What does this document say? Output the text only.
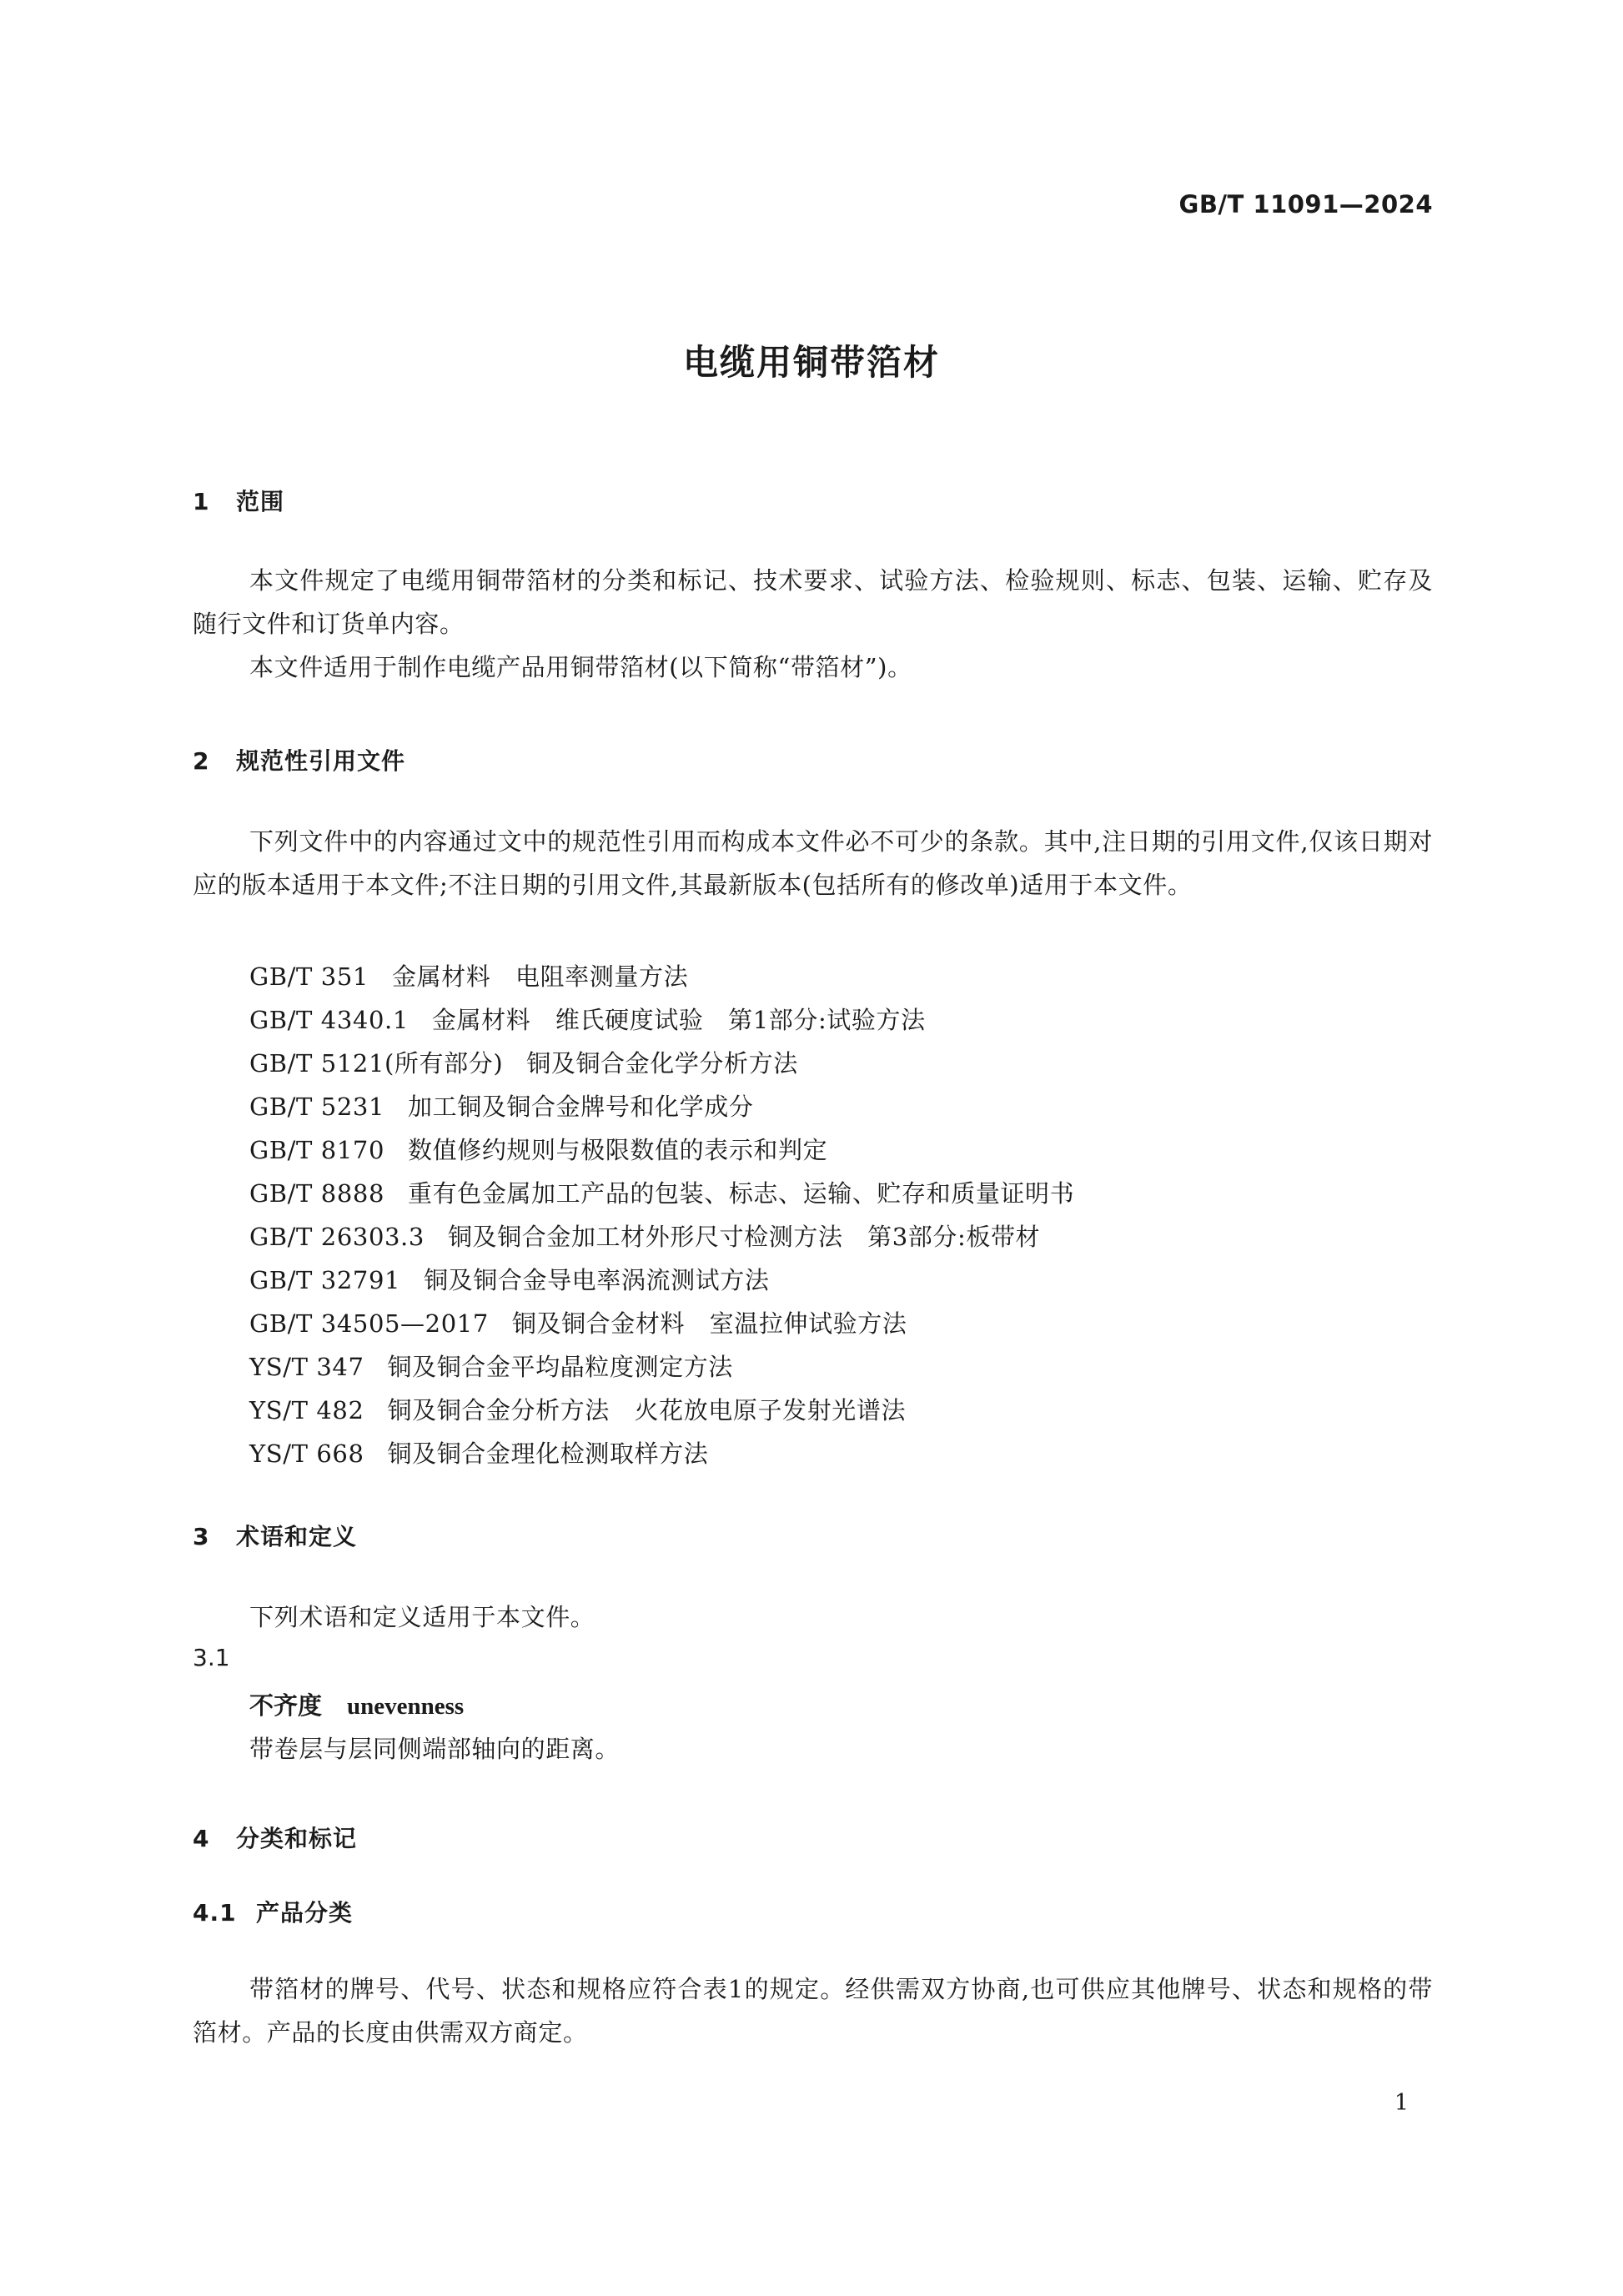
GB/T 11091—2024
电缆用铜带箔材
1 范围
本文件规定了电缆用铜带箔材的分类和标记、技术要求、试验方法、检验规则、标志、包装、运输、贮存及随行文件和订货单内容。
本文件适用于制作电缆产品用铜带箔材(以下简称“带箔材”)。
2 规范性引用文件
下列文件中的内容通过文中的规范性引用而构成本文件必不可少的条款。其中,注日期的引用文件,仅该日期对应的版本适用于本文件;不注日期的引用文件,其最新版本(包括所有的修改单)适用于本文件。
GB/T 351 金属材料　电阻率测量方法
GB/T 4340.1 金属材料　维氏硬度试验　第1部分:试验方法
GB/T 5121(所有部分) 铜及铜合金化学分析方法
GB/T 5231 加工铜及铜合金牌号和化学成分
GB/T 8170 数值修约规则与极限数值的表示和判定
GB/T 8888 重有色金属加工产品的包装、标志、运输、贮存和质量证明书
GB/T 26303.3 铜及铜合金加工材外形尺寸检测方法　第3部分:板带材
GB/T 32791 铜及铜合金导电率涡流测试方法
GB/T 34505—2017 铜及铜合金材料　室温拉伸试验方法
YS/T 347 铜及铜合金平均晶粒度测定方法
YS/T 482 铜及铜合金分析方法　火花放电原子发射光谱法
YS/T 668 铜及铜合金理化检测取样方法
3 术语和定义
下列术语和定义适用于本文件。
3.1
不齐度 unevenness
带卷层与层同侧端部轴向的距离。
4 分类和标记
4.1 产品分类
带箔材的牌号、代号、状态和规格应符合表1的规定。经供需双方协商,也可供应其他牌号、状态和规格的带箔材。产品的长度由供需双方商定。
1
